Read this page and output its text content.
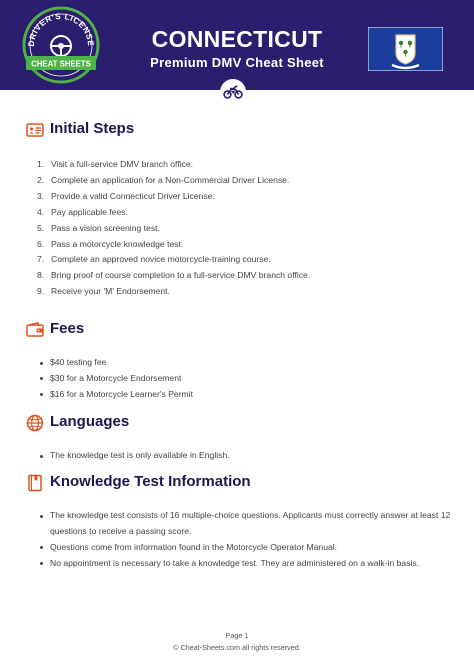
DRIVER'S LICENSE
CHEAT SHEETS
CONNECTICUT
Premium DMV Cheat Sheet
Initial Steps
1. Visit a full-service DMV branch office.
2. Complete an application for a Non-Commercial Driver License.
3. Provide a valid Connecticut Driver License.
4. Pay applicable fees.
5. Pass a vision screening test.
6. Pass a motorcycle knowledge test.
7. Complete an approved novice motorcycle-training course.
8. Bring proof of course completion to a full-service DMV branch office.
9. Receive your 'M' Endorsement.
Fees
$40 testing fee
$30 for a Motorcycle Endorsement
$16 for a Motorcycle Learner's Permit
Languages
The knowledge test is only available in English.
Knowledge Test Information
The knowledge test consists of 16 multiple-choice questions. Applicants must correctly answer at least 12 questions to receive a passing score.
Questions come from information found in the Motorcycle Operator Manual.
No appointment is necessary to take a knowledge test. They are administered on a walk-in basis.
Page 1
© Cheat-Sheets.com all rights reserved.
